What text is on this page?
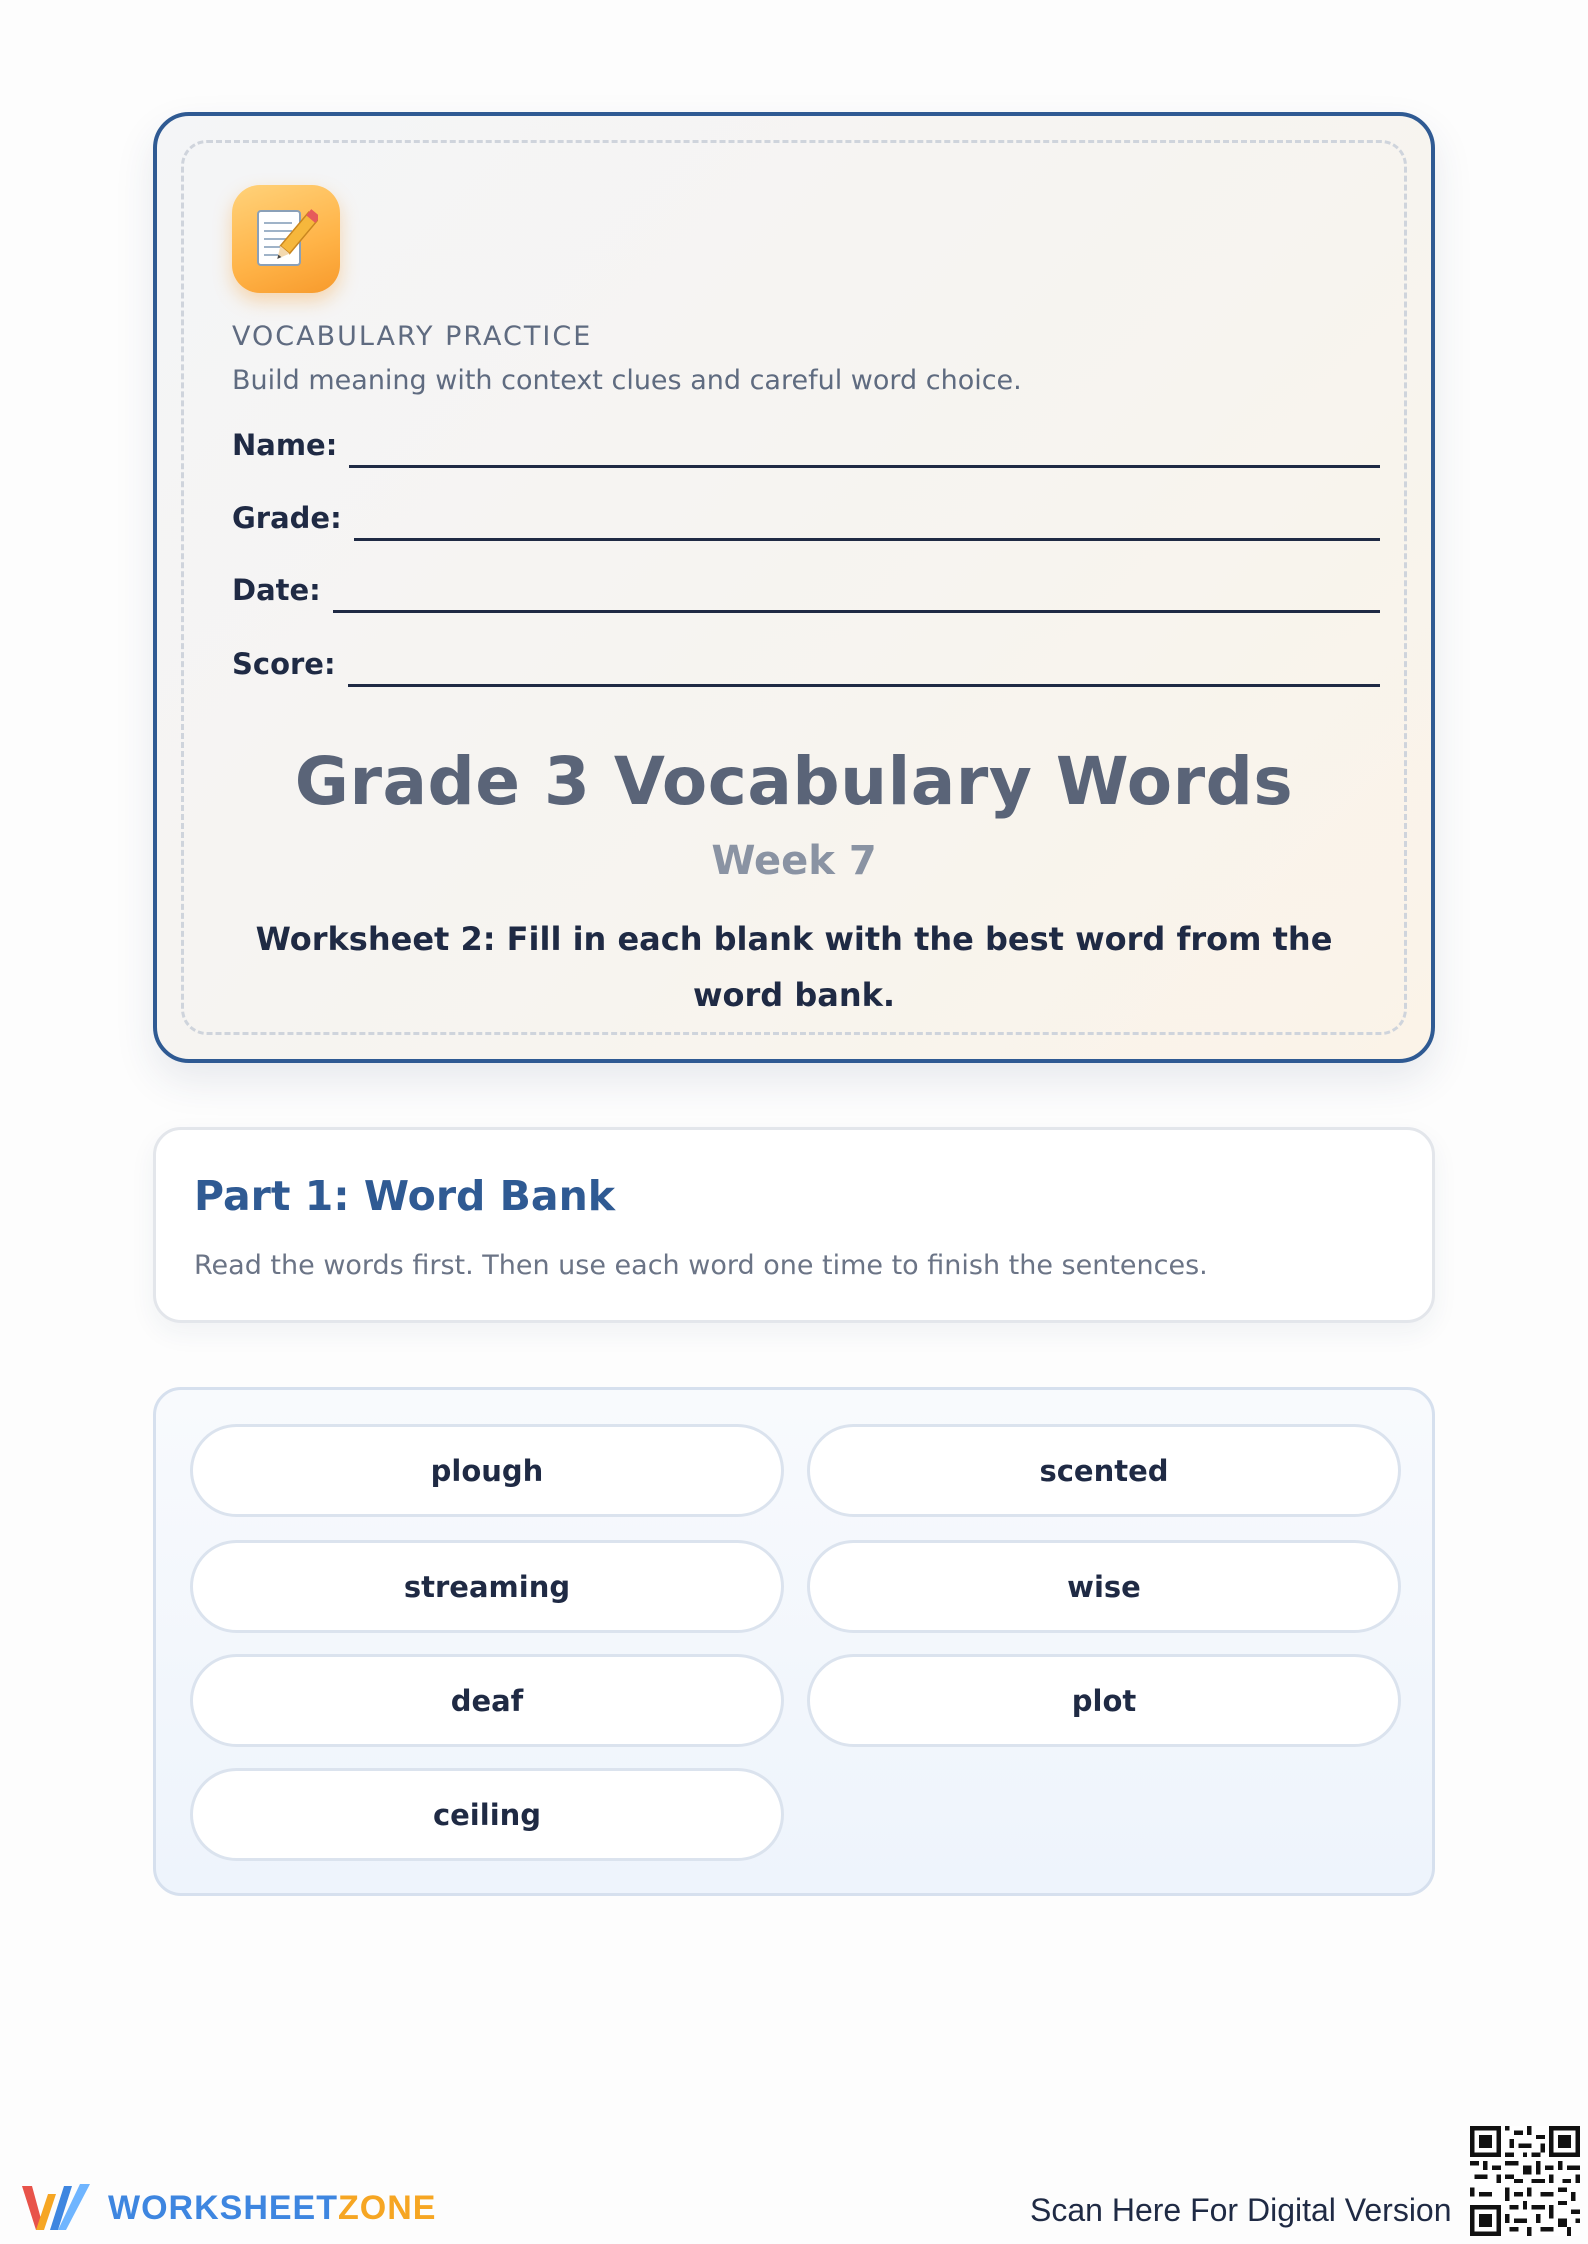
VOCABULARY PRACTICE
Build meaning with context clues and careful word choice.
Name:
Grade:
Date:
Score:
Grade 3 Vocabulary Words
Week 7
Worksheet 2: Fill in each blank with the best word from the word bank.
Part 1: Word Bank
Read the words first. Then use each word one time to finish the sentences.
plough	scented
streaming	wise
deaf	plot
ceiling
WORKSHEETZONE	Scan Here For Digital Version
